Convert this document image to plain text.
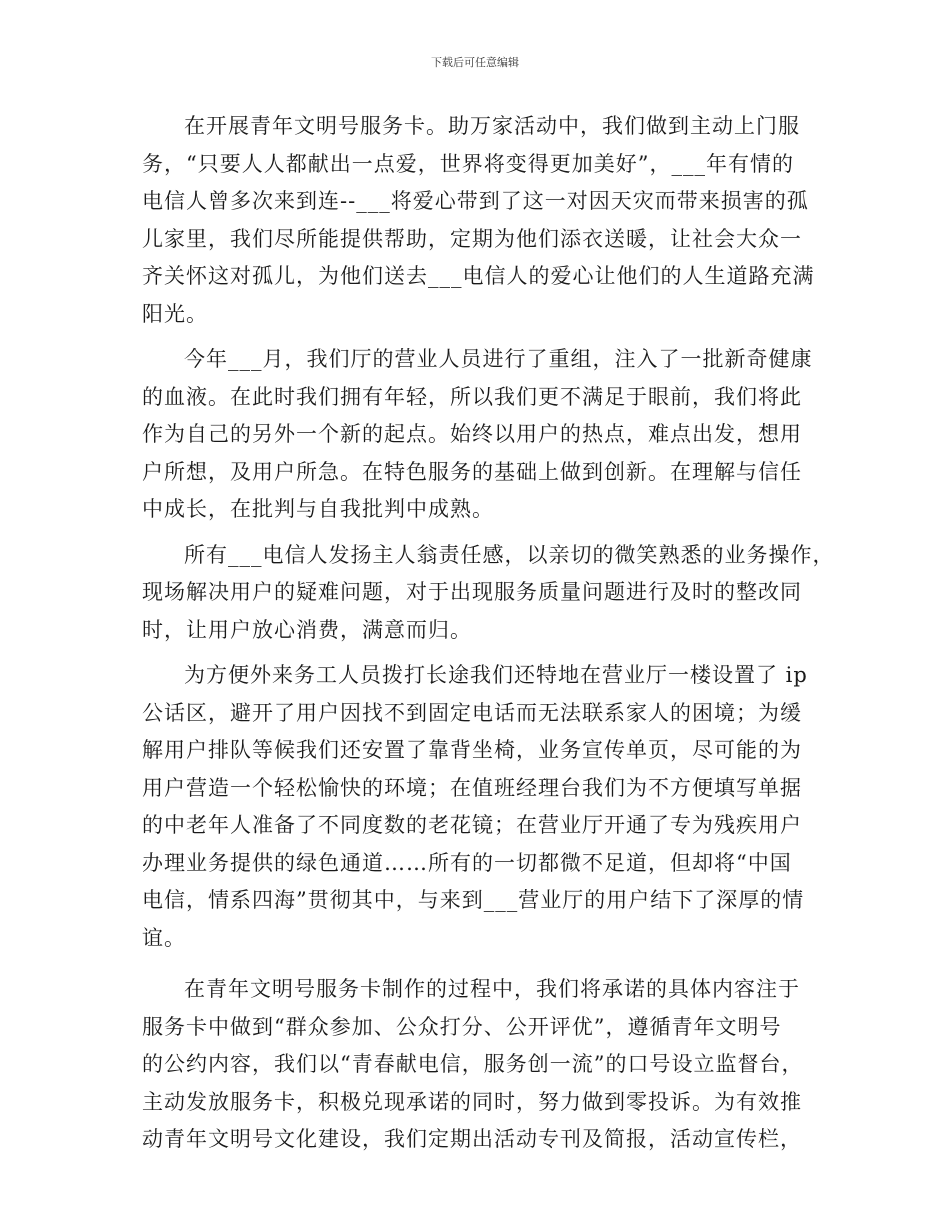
下载后可任意编辑

在开展青年文明号服务卡。助万家活动中，我们做到主动上门服
务，“只要人人都献出一点爱，世界将变得更加美好”，___年有情的
电信人曾多次来到连--___将爱心带到了这一对因天灾而带来损害的孤
儿家里，我们尽所能提供帮助，定期为他们添衣送暖，让社会大众一
齐关怀这对孤儿，为他们送去___电信人的爱心让他们的人生道路充满
阳光。

今年___月，我们厅的营业人员进行了重组，注入了一批新奇健康
的血液。在此时我们拥有年轻，所以我们更不满足于眼前，我们将此
作为自己的另外一个新的起点。始终以用户的热点，难点出发，想用
户所想，及用户所急。在特色服务的基础上做到创新。在理解与信任
中成长，在批判与自我批判中成熟。

所有___电信人发扬主人翁责任感，以亲切的微笑熟悉的业务操作，
现场解决用户的疑难问题，对于出现服务质量问题进行及时的整改同
时，让用户放心消费，满意而归。

为方便外来务工人员拨打长途我们还特地在营业厅一楼设置了 ip
公话区，避开了用户因找不到固定电话而无法联系家人的困境；为缓
解用户排队等候我们还安置了靠背坐椅，业务宣传单页，尽可能的为
用户营造一个轻松愉快的环境；在值班经理台我们为不方便填写单据
的中老年人准备了不同度数的老花镜；在营业厅开通了专为残疾用户
办理业务提供的绿色通道……所有的一切都微不足道，但却将“中国
电信，情系四海”贯彻其中，与来到___营业厅的用户结下了深厚的情
谊。

在青年文明号服务卡制作的过程中，我们将承诺的具体内容注于
服务卡中做到“群众参加、公众打分、公开评优”，遵循青年文明号
的公约内容，我们以“青春献电信，服务创一流”的口号设立监督台，
主动发放服务卡，积极兑现承诺的同时，努力做到零投诉。为有效推
动青年文明号文化建设，我们定期出活动专刊及简报，活动宣传栏，
